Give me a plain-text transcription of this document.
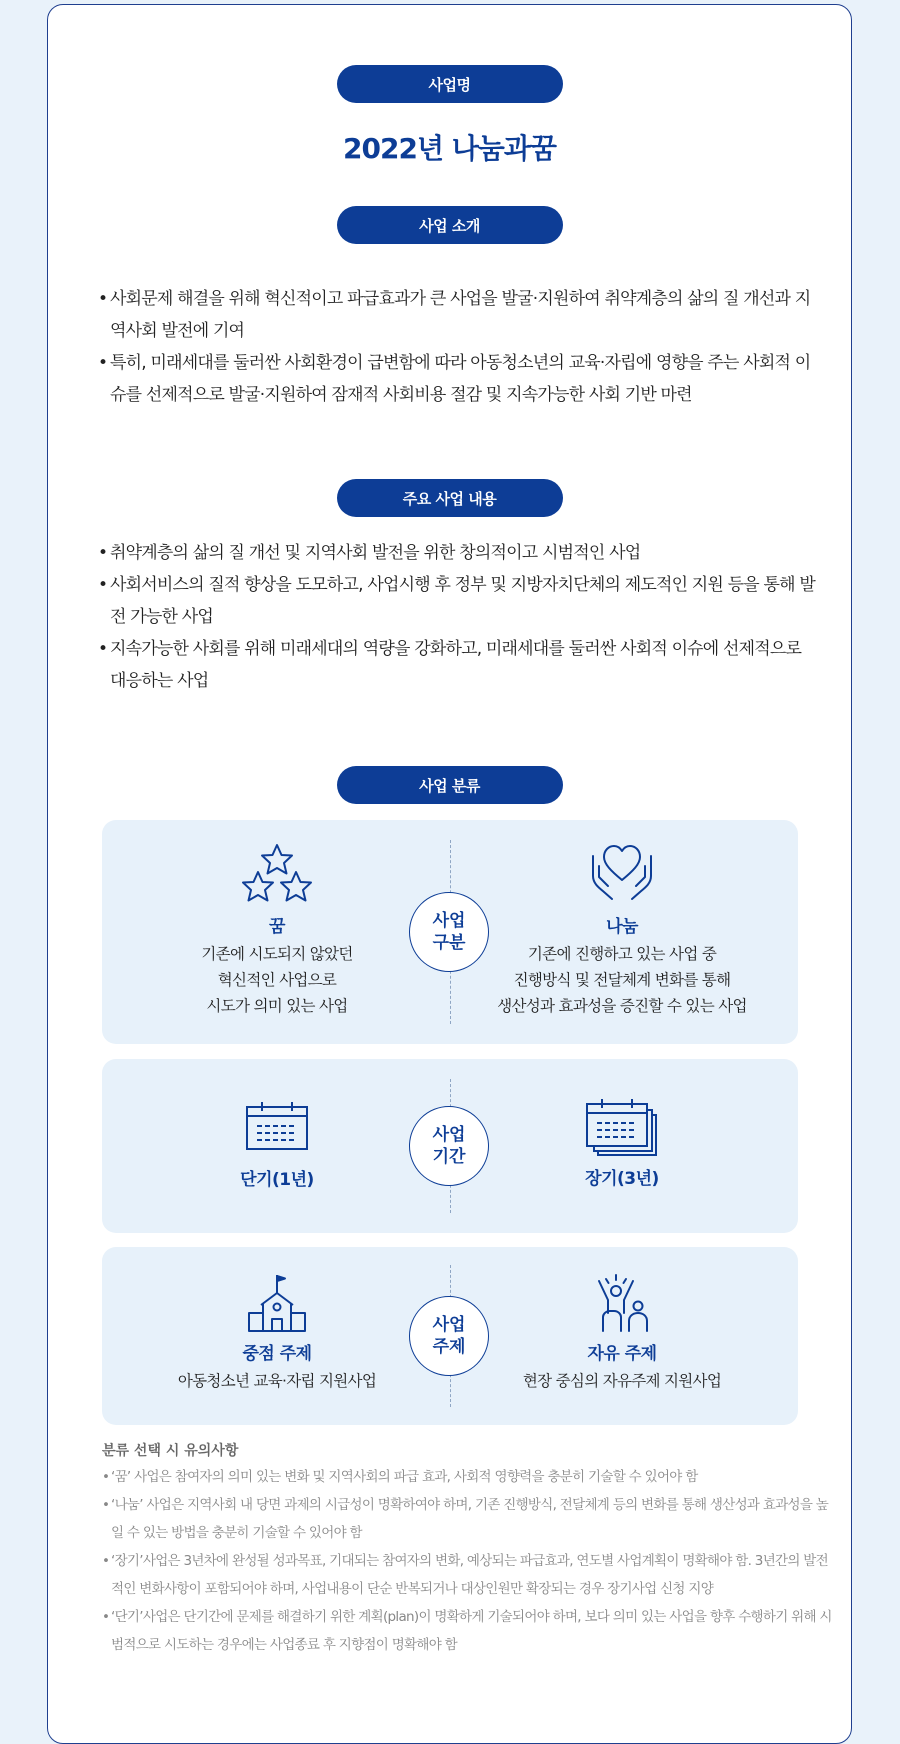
사업명
2022년 나눔과꿈
사업 소개
• 사회문제 해결을 위해 혁신적이고 파급효과가 큰 사업을 발굴·지원하여 취약계층의 삶의 질 개선과 지역사회 발전에 기여
• 특히, 미래세대를 둘러싼 사회환경이 급변함에 따라 아동청소년의 교육·자립에 영향을 주는 사회적 이슈를 선제적으로 발굴·지원하여 잠재적 사회비용 절감 및 지속가능한 사회 기반 마련
주요 사업 내용
• 취약계층의 삶의 질 개선 및 지역사회 발전을 위한 창의적이고 시범적인 사업
• 사회서비스의 질적 향상을 도모하고, 사업시행 후 정부 및 지방자치단체의 제도적인 지원 등을 통해 발전 가능한 사업
• 지속가능한 사회를 위해 미래세대의 역량을 강화하고, 미래세대를 둘러싼 사회적 이슈에 선제적으로 대응하는 사업
사업 분류
사업
구분
꿈
기존에 시도되지 않았던
혁신적인 사업으로
시도가 의미 있는 사업
나눔
기존에 진행하고 있는 사업 중
진행방식 및 전달체계 변화를 통해
생산성과 효과성을 증진할 수 있는 사업
사업
기간
단기(1년)	장기(3년)
사업
주제
중점 주제
아동청소년 교육·자립 지원사업
자유 주제
현장 중심의 자유주제 지원사업
분류 선택 시 유의사항
• ‘꿈’ 사업은 참여자의 의미 있는 변화 및 지역사회의 파급 효과, 사회적 영향력을 충분히 기술할 수 있어야 함
• ‘나눔’ 사업은 지역사회 내 당면 과제의 시급성이 명확하여야 하며, 기존 진행방식, 전달체계 등의 변화를 통해 생산성과 효과성을 높일 수 있는 방법을 충분히 기술할 수 있어야 함
• ‘장기’사업은 3년차에 완성될 성과목표, 기대되는 참여자의 변화, 예상되는 파급효과, 연도별 사업계획이 명확해야 함. 3년간의 발전적인 변화사항이 포함되어야 하며, 사업내용이 단순 반복되거나 대상인원만 확장되는 경우 장기사업 신청 지양
• ‘단기’사업은 단기간에 문제를 해결하기 위한 계획(plan)이 명확하게 기술되어야 하며, 보다 의미 있는 사업을 향후 수행하기 위해 시범적으로 시도하는 경우에는 사업종료 후 지향점이 명확해야 함
